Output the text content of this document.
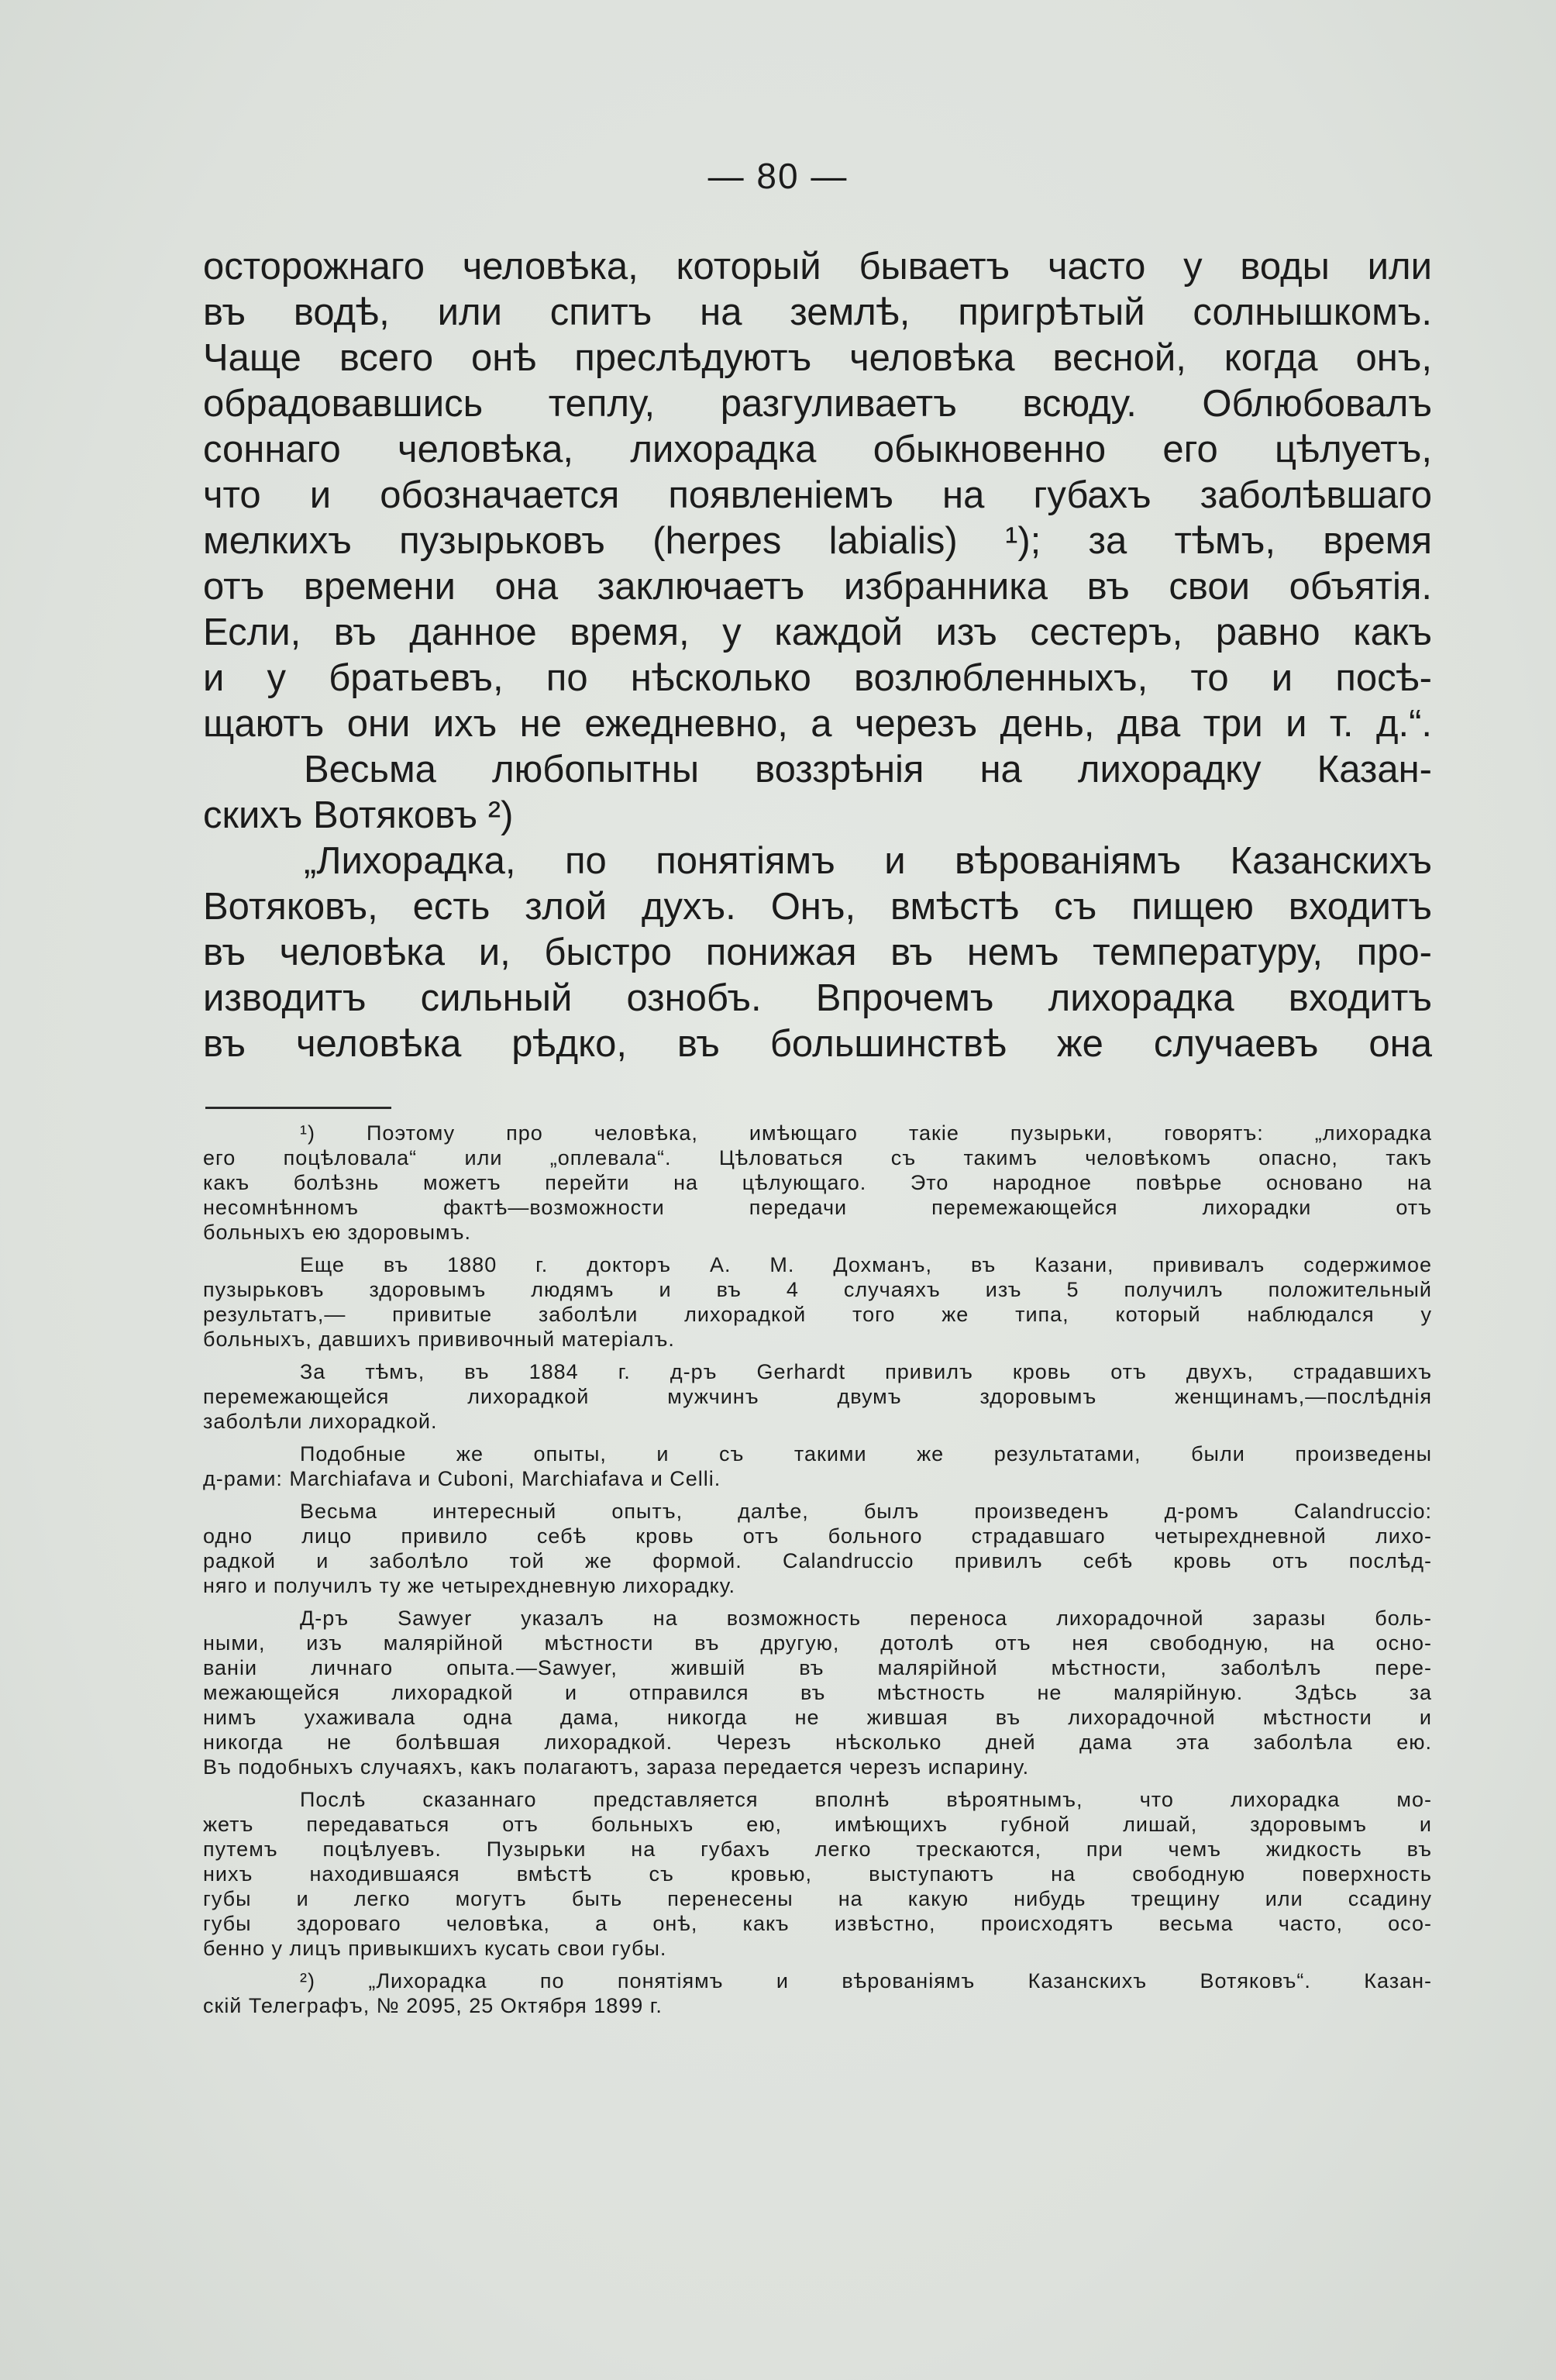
— 80 —
осторожнаго человѣка, который бываетъ часто у воды или
въ водѣ, или спитъ на землѣ, пригрѣтый солнышкомъ.
Чаще всего онѣ преслѣдуютъ человѣка весной, когда онъ,
обрадовавшись теплу, разгуливаетъ всюду. Облюбовалъ
соннаго человѣка, лихорадка обыкновенно его цѣлуетъ,
что и обозначается появленіемъ на губахъ заболѣвшаго
мелкихъ пузырьковъ (herpes labialis) ¹); за тѣмъ, время
отъ времени она заключаетъ избранника въ свои объятія.
Если, въ данное время, у каждой изъ сестеръ, равно какъ
и у братьевъ, по нѣсколько возлюбленныхъ, то и посѣ-
щаютъ они ихъ не ежедневно, а черезъ день, два три и т. д.“.
Весьма любопытны воззрѣнія на лихорадку Казан-
скихъ Вотяковъ ²)
„Лихорадка, по понятіямъ и вѣрованіямъ Казанскихъ
Вотяковъ, есть злой духъ. Онъ, вмѣстѣ съ пищею входитъ
въ человѣка и, быстро понижая въ немъ температуру, про-
изводитъ сильный ознобъ. Впрочемъ лихорадка входитъ
въ человѣка рѣдко, въ большинствѣ же случаевъ она
¹) Поэтому про человѣка, имѣющаго такіе пузырьки, говорятъ: „лихорадка
его поцѣловала“ или „оплевала“. Цѣловаться съ такимъ человѣкомъ опасно, такъ
какъ болѣзнь можетъ перейти на цѣлующаго. Это народное повѣрье основано на
несомнѣнномъ фактѣ—возможности передачи перемежающейся лихорадки отъ
больныхъ ею здоровымъ.
Еще въ 1880 г. докторъ А. М. Дохманъ, въ Казани, прививалъ содержимое
пузырьковъ здоровымъ людямъ и въ 4 случаяхъ изъ 5 получилъ положительный
результатъ,— привитые заболѣли лихорадкой того же типа, который наблюдался у
больныхъ, давшихъ прививочный матеріалъ.
За тѣмъ, въ 1884 г. д-ръ Gerhardt привилъ кровь отъ двухъ, страдавшихъ
перемежающейся лихорадкой мужчинъ двумъ здоровымъ женщинамъ,—послѣднія
заболѣли лихорадкой.
Подобные же опыты, и съ такими же результатами, были произведены
д-рами: Marchiafava и Cuboni, Marchiafava и Celli.
Весьма интересный опытъ, далѣе, былъ произведенъ д-ромъ Calandruccio:
одно лицо привило себѣ кровь отъ больного страдавшаго четырехдневной лихо-
радкой и заболѣло той же формой. Calandruccio привилъ себѣ кровь отъ послѣд-
няго и получилъ ту же четырехдневную лихорадку.
Д-ръ Sawyer указалъ на возможность переноса лихорадочной заразы боль-
ными, изъ малярійной мѣстности въ другую, дотолѣ отъ нея свободную, на осно-
ваніи личнаго опыта.—Sawyer, жившій въ малярійной мѣстности, заболѣлъ пере-
межающейся лихорадкой и отправился въ мѣстность не малярійную. Здѣсь за
нимъ ухаживала одна дама, никогда не жившая въ лихорадочной мѣстности и
никогда не болѣвшая лихорадкой. Черезъ нѣсколько дней дама эта заболѣла ею.
Въ подобныхъ случаяхъ, какъ полагаютъ, зараза передается черезъ испарину.
Послѣ сказаннаго представляется вполнѣ вѣроятнымъ, что лихорадка мо-
жетъ передаваться отъ больныхъ ею, имѣющихъ губной лишай, здоровымъ и
путемъ поцѣлуевъ. Пузырьки на губахъ легко трескаются, при чемъ жидкость въ
нихъ находившаяся вмѣстѣ съ кровью, выступаютъ на свободную поверхность
губы и легко могутъ быть перенесены на какую нибудь трещину или ссадину
губы здороваго человѣка, а онѣ, какъ извѣстно, происходятъ весьма часто, осо-
бенно у лицъ привыкшихъ кусать свои губы.
²) „Лихорадка по понятіямъ и вѣрованіямъ Казанскихъ Вотяковъ“. Казан-
скій Телеграфъ, № 2095, 25 Октября 1899 г.
